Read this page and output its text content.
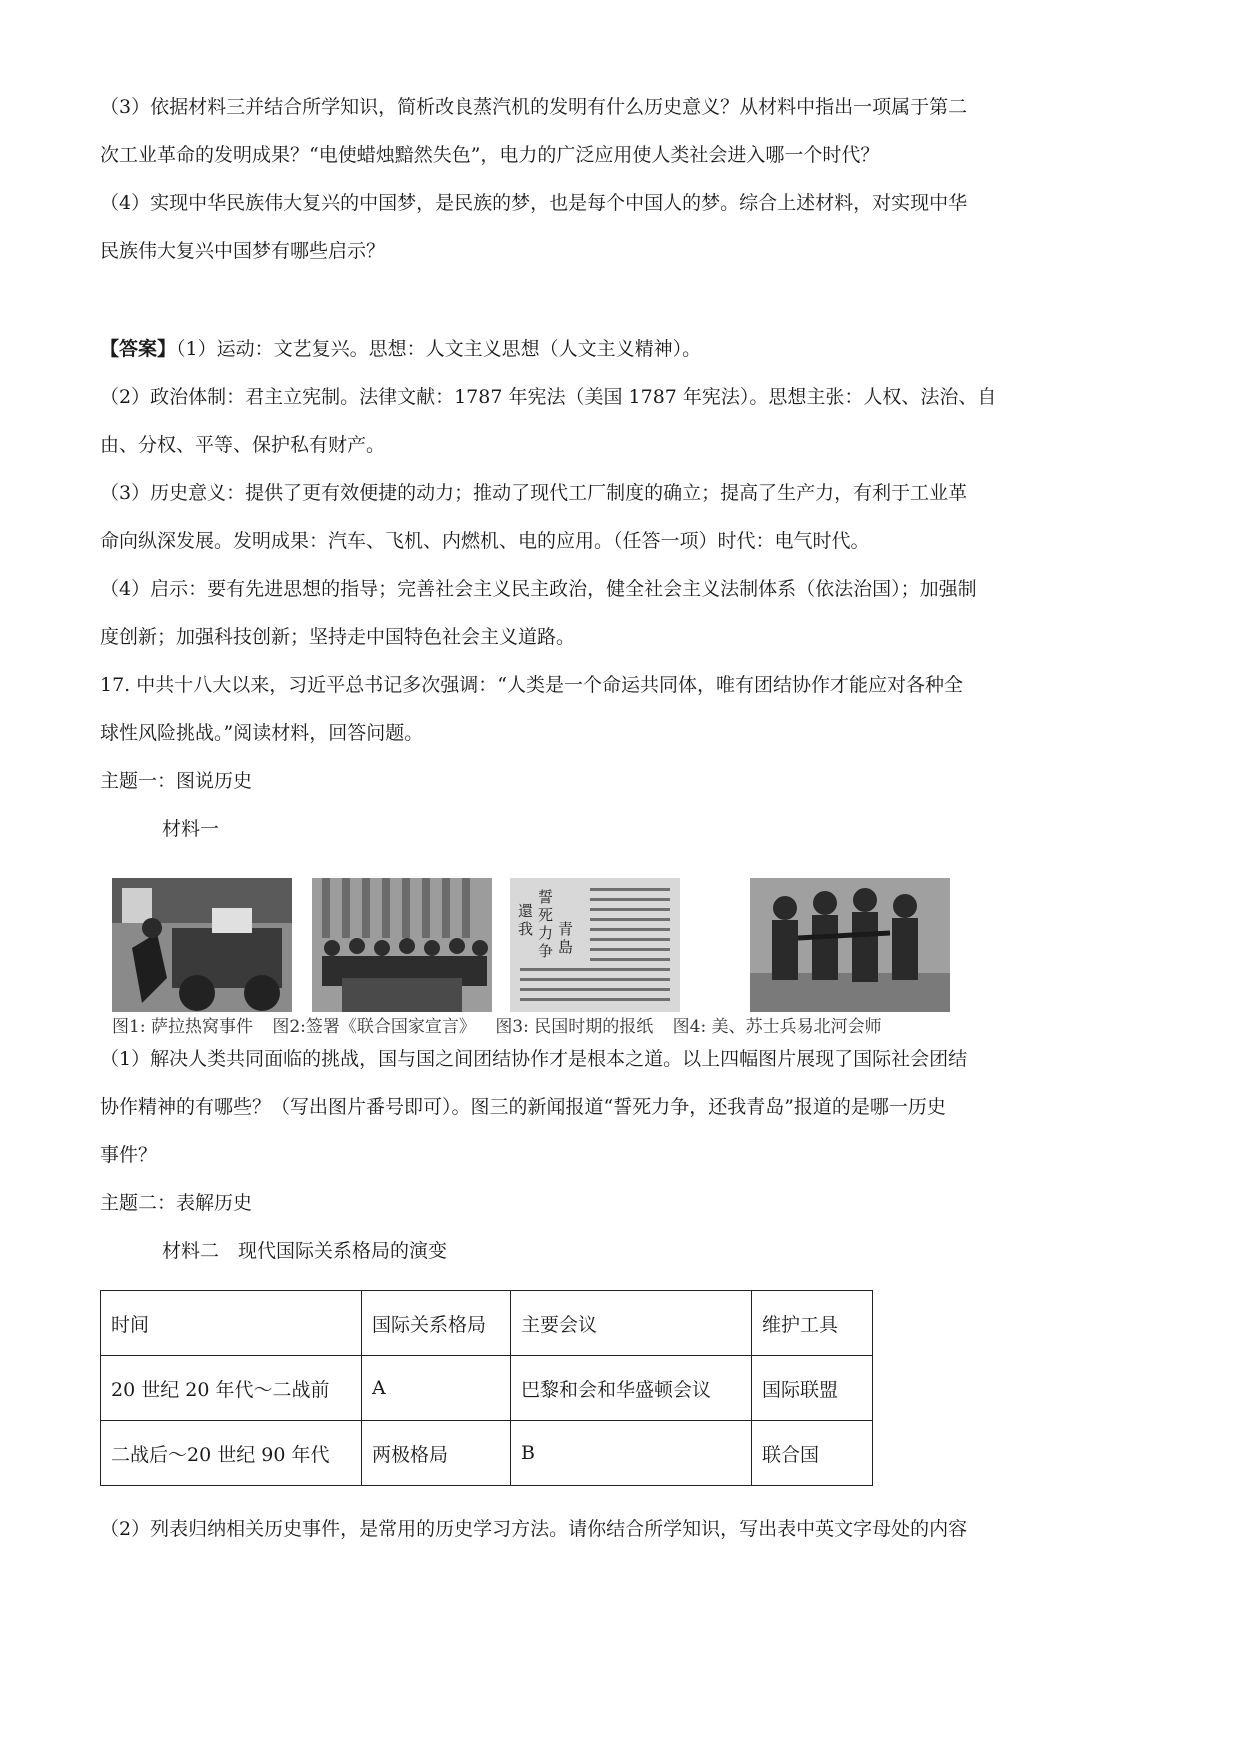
（3）依据材料三并结合所学知识，简析改良蒸汽机的发明有什么历史意义？从材料中指出一项属于第二
次工业革命的发明成果？“电使蜡烛黯然失色”，电力的广泛应用使人类社会进入哪一个时代？
（4）实现中华民族伟大复兴的中国梦，是民族的梦，也是每个中国人的梦。综合上述材料，对实现中华
民族伟大复兴中国梦有哪些启示？
【答案】（1）运动：文艺复兴。思想：人文主义思想（人文主义精神）。
（2）政治体制：君主立宪制。法律文献：1787 年宪法（美国 1787 年宪法）。思想主张：人权、法治、自
由、分权、平等、保护私有财产。
（3）历史意义：提供了更有效便捷的动力；推动了现代工厂制度的确立；提高了生产力，有利于工业革
命向纵深发展。发明成果：汽车、飞机、内燃机、电的应用。（任答一项）时代：电气时代。
（4）启示：要有先进思想的指导；完善社会主义民主政治，健全社会主义法制体系（依法治国）；加强制
度创新；加强科技创新；坚持走中国特色社会主义道路。
17. 中共十八大以来，习近平总书记多次强调：“人类是一个命运共同体，唯有团结协作才能应对各种全
球性风险挑战。”阅读材料，回答问题。
主题一：图说历史
材料一
誓
死
力
争
還
我 青
島
图1: 萨拉热窝事件 图2:签署《联合国家宣言》 图3: 民国时期的报纸 图4: 美、苏士兵易北河会师
（1）解决人类共同面临的挑战，国与国之间团结协作才是根本之道。以上四幅图片展现了国际社会团结
协作精神的有哪些？（写出图片番号即可）。图三的新闻报道“誓死力争，还我青岛”报道的是哪一历史
事件？
主题二：表解历史
材料二　现代国际关系格局的演变
时间	国际关系格局	主要会议	维护工具
20 世纪 20 年代～二战前	A	巴黎和会和华盛顿会议	国际联盟
二战后～20 世纪 90 年代	两极格局	B	联合国
（2）列表归纳相关历史事件，是常用的历史学习方法。请你结合所学知识，写出表中英文字母处的内容
